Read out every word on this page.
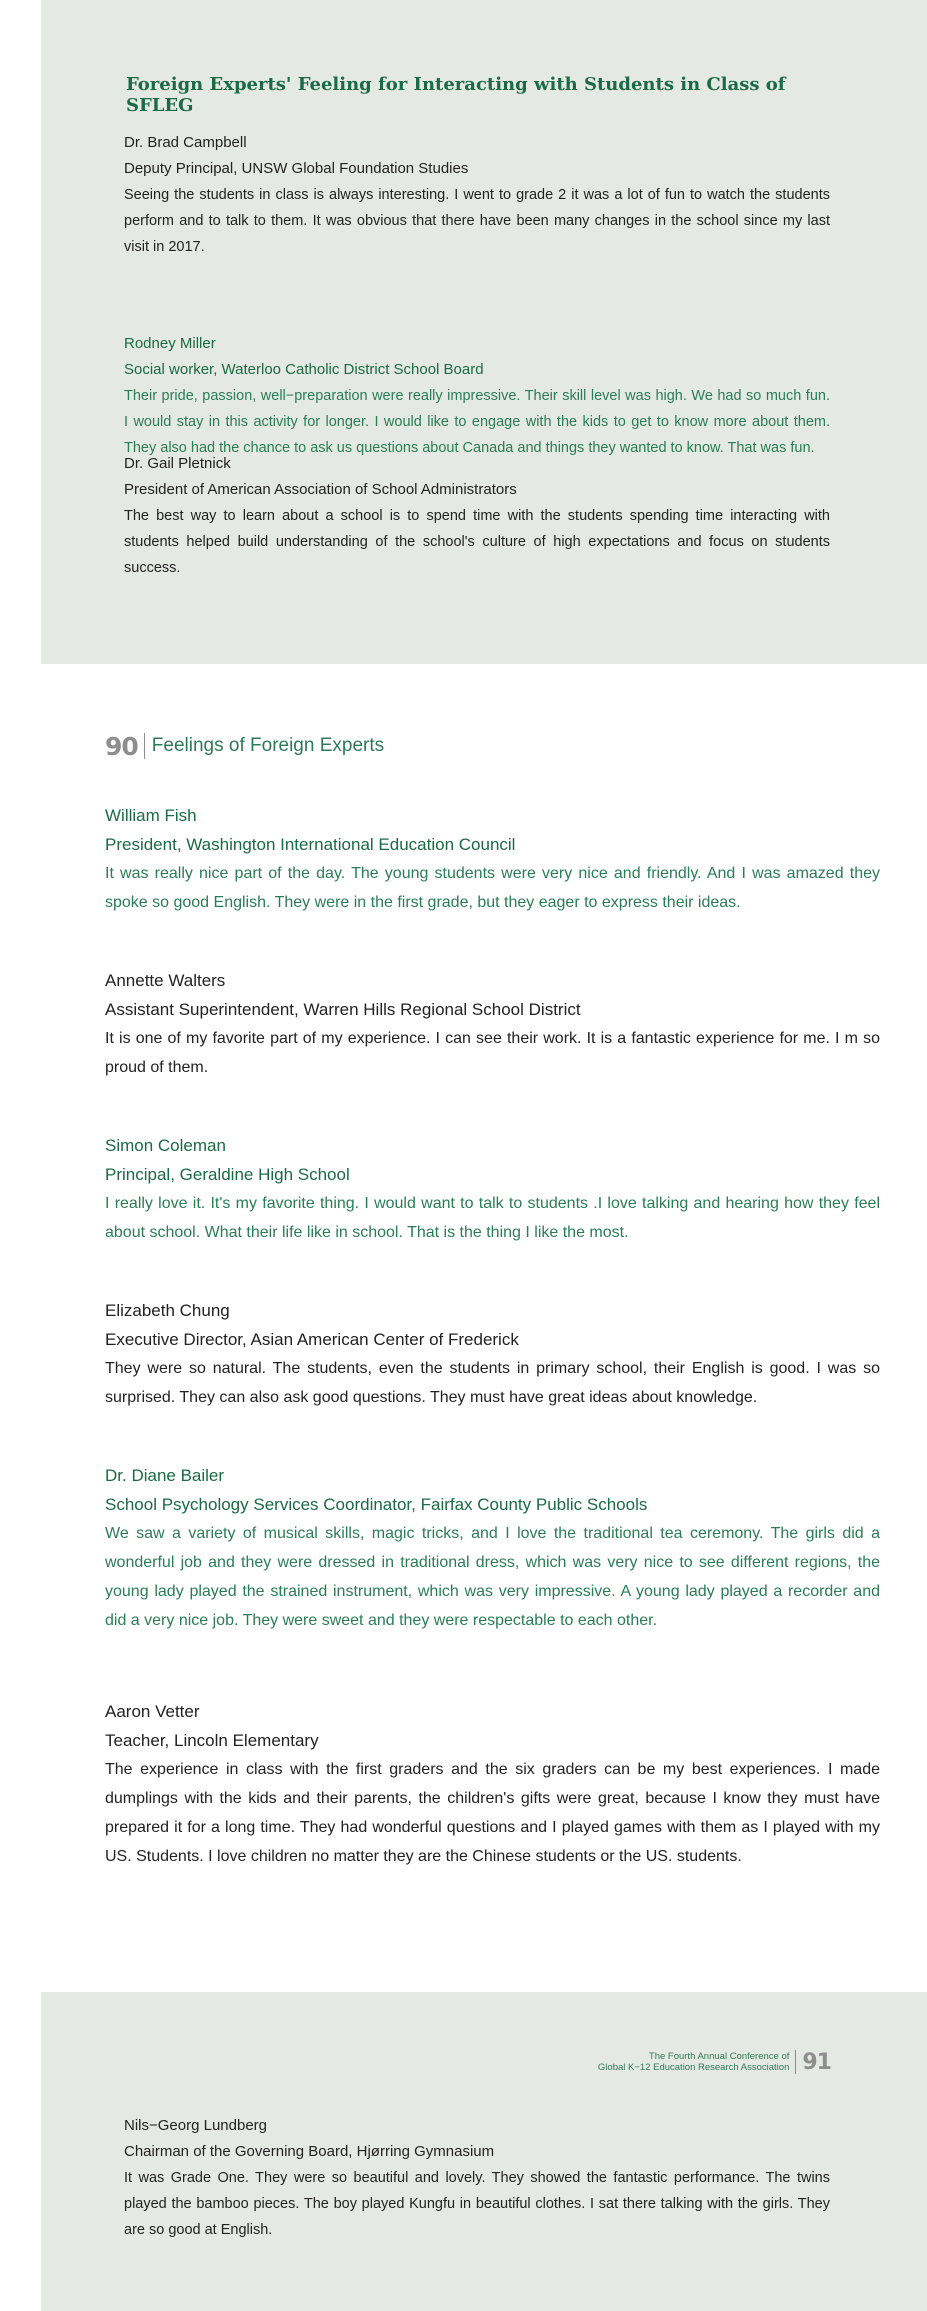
Foreign Experts' Feeling for Interacting with Students in Class of SFLEG
Dr. Brad Campbell
Deputy Principal, UNSW Global Foundation Studies

Seeing the students in class is always interesting. I went to grade 2 it was a lot of fun to watch the students perform and to talk to them. It was obvious that there have been many changes in the school since my last visit in 2017.

Rodney Miller
Social worker, Waterloo Catholic District School Board

Their pride, passion, well−preparation were really impressive. Their skill level was high. We had so much fun. I would stay in this activity for longer. I would like to engage with the kids to get to know more about them. They also had the chance to ask us questions about Canada and things they wanted to know. That was fun.

Dr. Gail Pletnick
President of American Association of School Administrators

The best way to learn about a school is to spend time with the students spending time interacting with students helped build understanding of the school's culture of high expectations and focus on students success.

90 Feelings of Foreign Experts
William Fish
President, Washington International Education Council

It was really nice part of the day. The young students were very nice and friendly. And I was amazed they spoke so good English. They were in the first grade, but they eager to express their ideas.

Annette Walters
Assistant Superintendent, Warren Hills Regional School District

It is one of my favorite part of my experience. I can see their work. It is a fantastic experience for me. I m so proud of them.

Simon Coleman
Principal, Geraldine High School

I really love it. It's my favorite thing. I would want to talk to students .I love talking and hearing how they feel about school. What their life like in school. That is the thing I like the most.

Elizabeth Chung
Executive Director, Asian American Center of Frederick

They were so natural. The students, even the students in primary school, their English is good. I was so surprised. They can also ask good questions. They must have great ideas about knowledge.

Dr. Diane Bailer
School Psychology Services Coordinator, Fairfax County Public Schools

We saw a variety of musical skills, magic tricks, and I love the traditional tea ceremony. The girls did a wonderful job and they were dressed in traditional dress, which was very nice to see different regions, the young lady played the strained instrument, which was very impressive. A young lady played a recorder and did a very nice job. They were sweet and they were respectable to each other.

Aaron Vetter
Teacher, Lincoln Elementary

The experience in class with the first graders and the six graders can be my best experiences. I made dumplings with the kids and their parents, the children's gifts were great, because I know they must have prepared it for a long time. They had wonderful questions and I played games with them as I played with my US. Students. I love children no matter they are the Chinese students or the US. students.

The Fourth Annual Conference of
Global K−12 Education Research Association 91
Nils−Georg Lundberg
Chairman of the Governing Board, Hjørring Gymnasium

It was Grade One. They were so beautiful and lovely. They showed the fantastic performance. The twins played the bamboo pieces. The boy played Kungfu in beautiful clothes. I sat there talking with the girls. They are so good at English.
